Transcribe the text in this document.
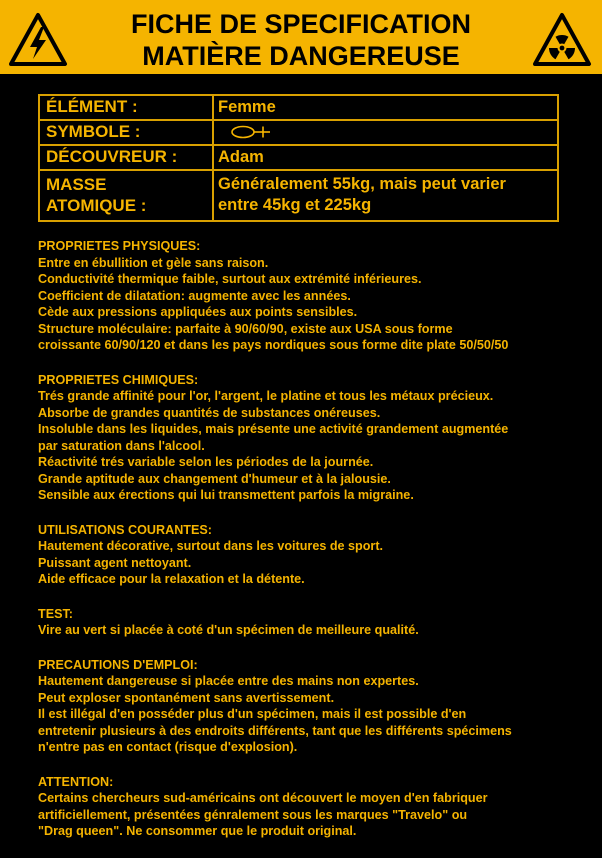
FICHE DE SPECIFICATION
MATIÈRE DANGEREUSE
ÉLÉMENT :	Femme
SYMBOLE :
DÉCOUVREUR :	Adam
MASSE
ATOMIQUE :
Généralement 55kg, mais peut varier
entre 45kg et 225kg
PROPRIETES PHYSIQUES:
Entre en ébullition et gèle sans raison.
Conductivité thermique faible, surtout aux extrémité inférieures.
Coefficient de dilatation: augmente avec les années.
Cède aux pressions appliquées aux points sensibles.
Structure moléculaire: parfaite à 90/60/90, existe aux USA sous forme
croissante 60/90/120 et dans les pays nordiques sous forme dite plate 50/50/50
PROPRIETES CHIMIQUES:
Trés grande affinité pour l'or, l'argent, le platine et tous les métaux précieux.
Absorbe de grandes quantités de substances onéreuses.
Insoluble dans les liquides, mais présente une activité grandement augmentée
par saturation dans l'alcool.
Réactivité trés variable selon les périodes de la journée.
Grande aptitude aux changement d'humeur et à la jalousie.
Sensible aux érections qui lui transmettent parfois la migraine.
UTILISATIONS COURANTES:
Hautement décorative, surtout dans les voitures de sport.
Puissant agent nettoyant.
Aide efficace pour la relaxation et la détente.
TEST:
Vire au vert si placée à coté d'un spécimen de meilleure qualité.
PRECAUTIONS D'EMPLOI:
Hautement dangereuse si placée entre des mains non expertes.
Peut exploser spontanément sans avertissement.
Il est illégal d'en posséder plus d'un spécimen, mais il est possible d'en
entretenir plusieurs à des endroits différents, tant que les différents spécimens
n'entre pas en contact (risque d'explosion).
ATTENTION:
Certains chercheurs sud-américains ont découvert le moyen d'en fabriquer
artificiellement, présentées génralement sous les marques "Travelo" ou
"Drag queen". Ne consommer que le produit original.
